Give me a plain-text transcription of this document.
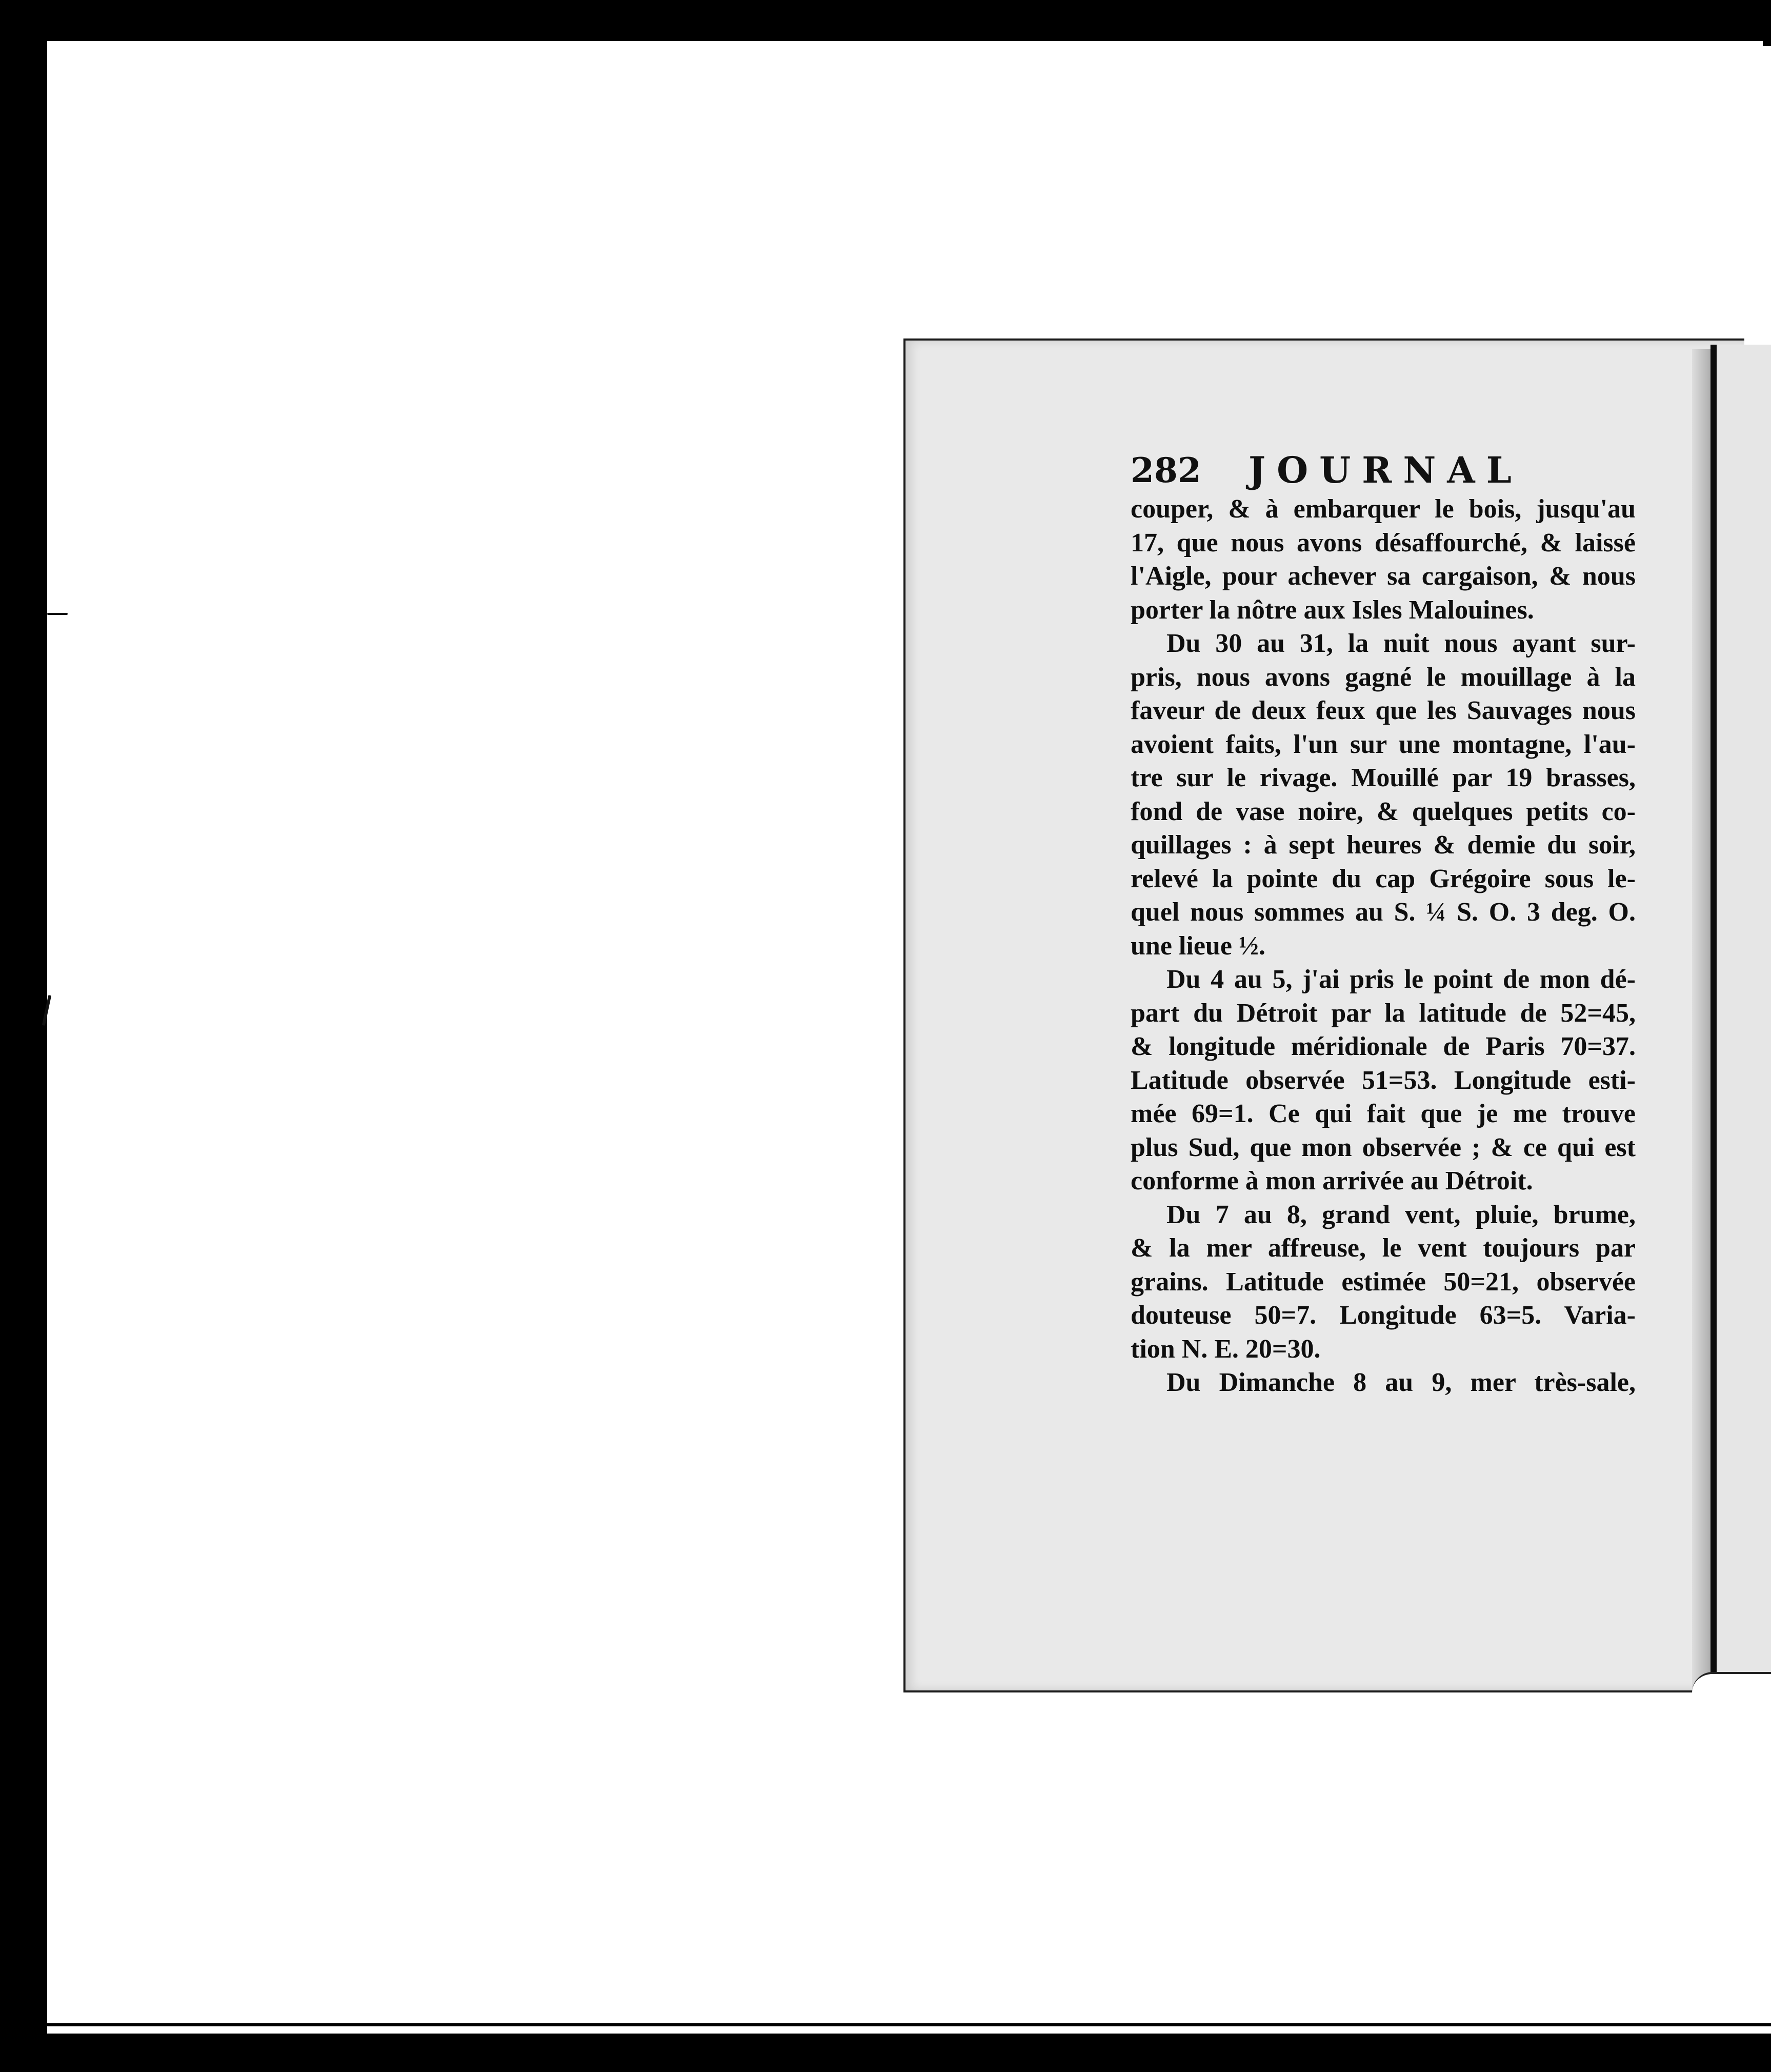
282 JOURNAL
couper, & à embarquer le bois, jusqu'au
17, que nous avons désaffourché, & laissé
l'Aigle, pour achever sa cargaison, & nous
porter la nôtre aux Isles Malouines.
Du 30 au 31, la nuit nous ayant sur-
pris, nous avons gagné le mouillage à la
faveur de deux feux que les Sauvages nous
avoient faits, l'un sur une montagne, l'au-
tre sur le rivage. Mouillé par 19 brasses,
fond de vase noire, & quelques petits co-
quillages : à sept heures & demie du soir,
relevé la pointe du cap Grégoire sous le-
quel nous sommes au S. ¼ S. O. 3 deg. O.
une lieue ½.
Du 4 au 5, j'ai pris le point de mon dé-
part du Détroit par la latitude de 52=45,
& longitude méridionale de Paris 70=37.
Latitude observée 51=53. Longitude esti-
mée 69=1. Ce qui fait que je me trouve
plus Sud, que mon observée ; & ce qui est
conforme à mon arrivée au Détroit.
Du 7 au 8, grand vent, pluie, brume,
& la mer affreuse, le vent toujours par
grains. Latitude estimée 50=21, observée
douteuse 50=7. Longitude 63=5. Varia-
tion N. E. 20=30.
Du Dimanche 8 au 9, mer très-sale,
